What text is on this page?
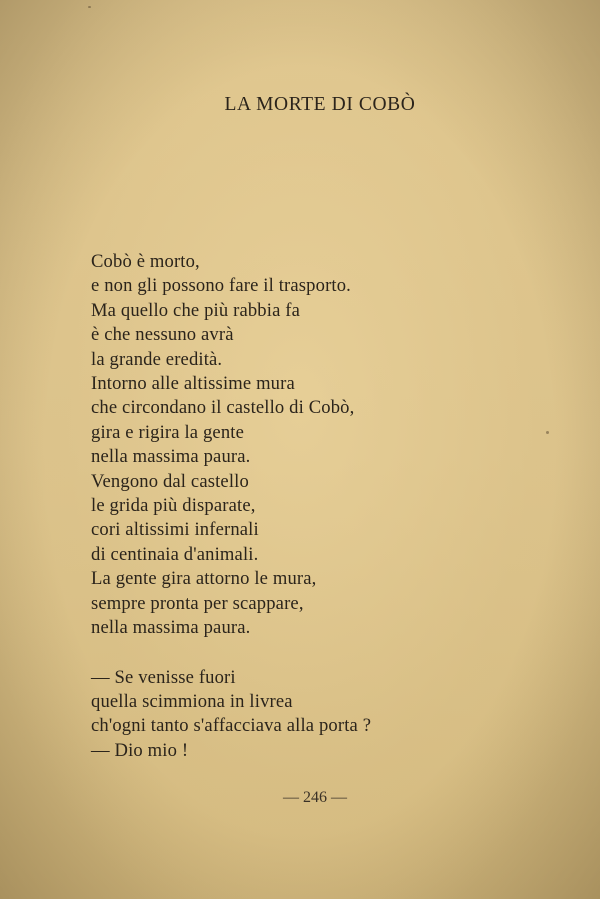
LA MORTE DI COBÒ
Cobò è morto,
e non gli possono fare il trasporto.
Ma quello che più rabbia fa
è che nessuno avrà
la grande eredità.
Intorno alle altissime mura
che circondano il castello di Cobò,
gira e rigira la gente
nella massima paura.
Vengono dal castello
le grida più disparate,
cori altissimi infernali
di centinaia d'animali.
La gente gira attorno le mura,
sempre pronta per scappare,
nella massima paura.
— Se venisse fuori
quella scimmiona in livrea
ch'ogni tanto s'affacciava alla porta ?
— Dio mio !
— 246 —
